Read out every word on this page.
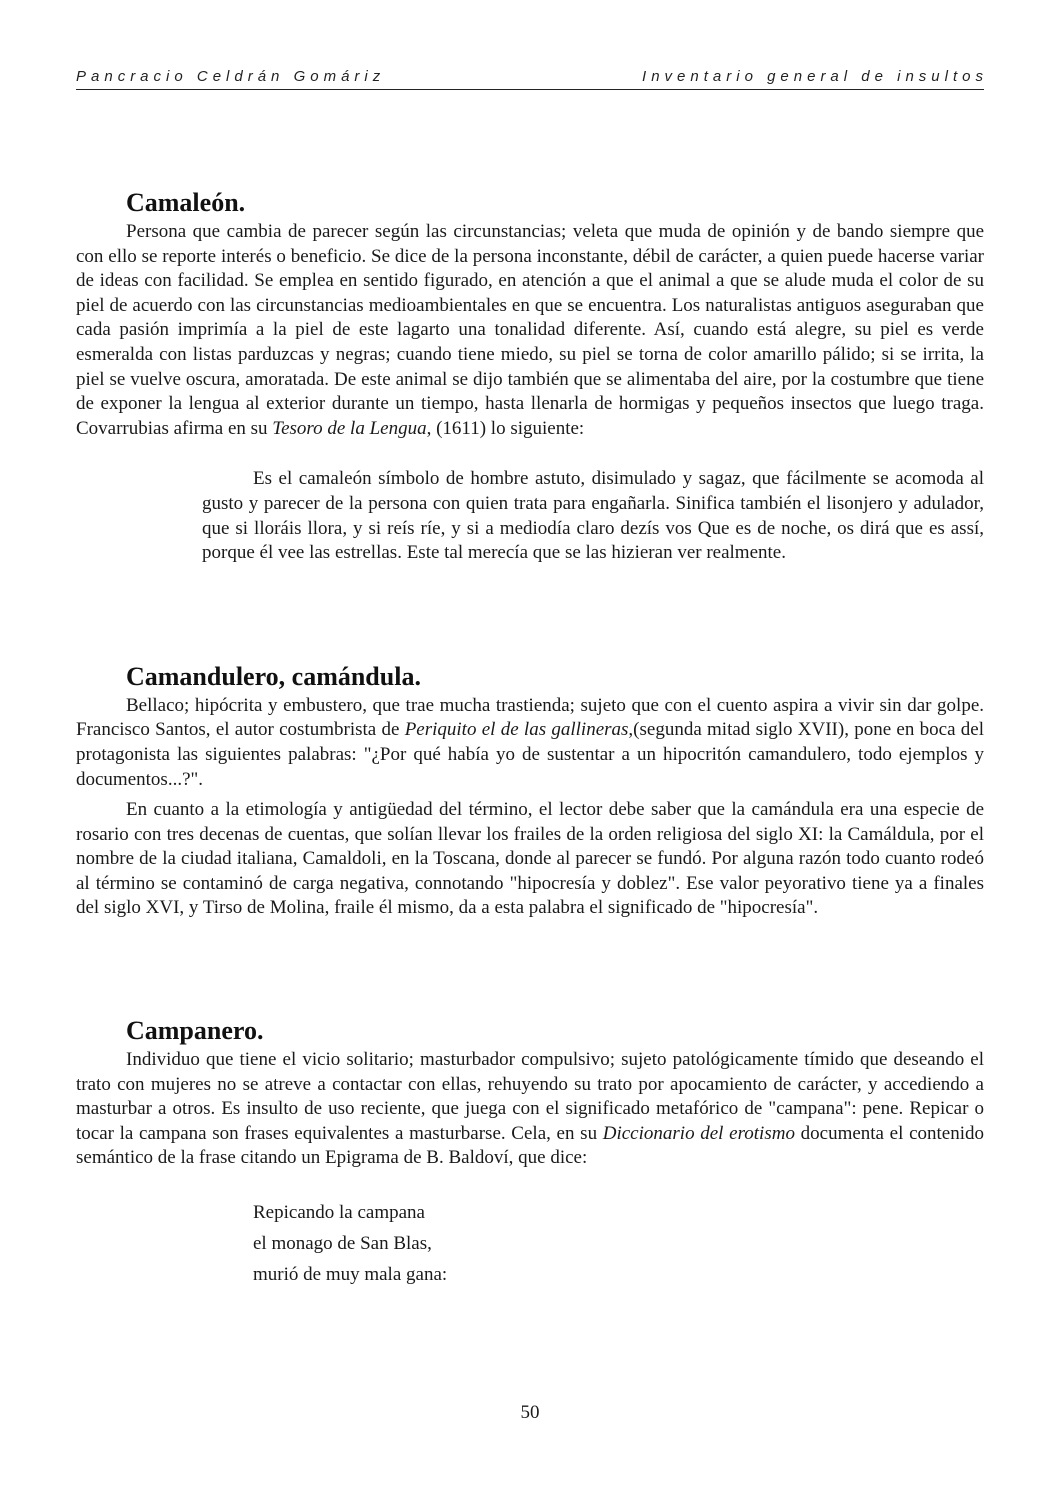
Pancracio Celdrán Gomáriz	Inventario general de insultos
Camaleón.

Persona que cambia de parecer según las circunstancias; veleta que muda de opinión y de bando siempre que con ello se reporte interés o beneficio. Se dice de la persona inconstante, débil de carácter, a quien puede hacerse variar de ideas con facilidad. Se emplea en sentido figurado, en atención a que el animal a que se alude muda el color de su piel de acuerdo con las circunstancias medioambientales en que se encuentra. Los naturalistas antiguos aseguraban que cada pasión imprimía a la piel de este lagarto una tonalidad diferente. Así, cuando está alegre, su piel es verde esmeralda con listas parduzcas y negras; cuando tiene miedo, su piel se torna de color amarillo pálido; si se irrita, la piel se vuelve oscura, amoratada. De este animal se dijo también que se alimentaba del aire, por la costumbre que tiene de exponer la lengua al exterior durante un tiempo, hasta llenarla de hormigas y pequeños insectos que luego traga. Covarrubias afirma en su Tesoro de la Lengua, (1611) lo siguiente:

Es el camaleón símbolo de hombre astuto, disimulado y sagaz, que fácilmente se acomoda al gusto y parecer de la persona con quien trata para engañarla. Sinifica también el lisonjero y adulador, que si lloráis llora, y si reís ríe, y si a mediodía claro dezís vos Que es de noche, os dirá que es assí, porque él vee las estrellas. Este tal merecía que se las hizieran ver realmente.

Camandulero, camándula.

Bellaco; hipócrita y embustero, que trae mucha trastienda; sujeto que con el cuento aspira a vivir sin dar golpe. Francisco Santos, el autor costumbrista de Periquito el de las gallineras,(segunda mitad siglo XVII), pone en boca del protagonista las siguientes palabras: "¿Por qué había yo de sustentar a un hipocritón camandulero, todo ejemplos y documentos...?".

En cuanto a la etimología y antigüedad del término, el lector debe saber que la camándula era una especie de rosario con tres decenas de cuentas, que solían llevar los frailes de la orden religiosa del siglo XI: la Camáldula, por el nombre de la ciudad italiana, Camaldoli, en la Toscana, donde al parecer se fundó. Por alguna razón todo cuanto rodeó al término se contaminó de carga negativa, connotando "hipocresía y doblez". Ese valor peyorativo tiene ya a finales del siglo XVI, y Tirso de Molina, fraile él mismo, da a esta palabra el significado de "hipocresía".

Campanero.

Individuo que tiene el vicio solitario; masturbador compulsivo; sujeto patológicamente tímido que deseando el trato con mujeres no se atreve a contactar con ellas, rehuyendo su trato por apocamiento de carácter, y accediendo a masturbar a otros. Es insulto de uso reciente, que juega con el significado metafórico de "campana": pene. Repicar o tocar la campana son frases equivalentes a masturbarse. Cela, en su Diccionario del erotismo documenta el contenido semántico de la frase citando un Epigrama de B. Baldoví, que dice:

Repicando la campana
el monago de San Blas,
murió de muy mala gana:
50
